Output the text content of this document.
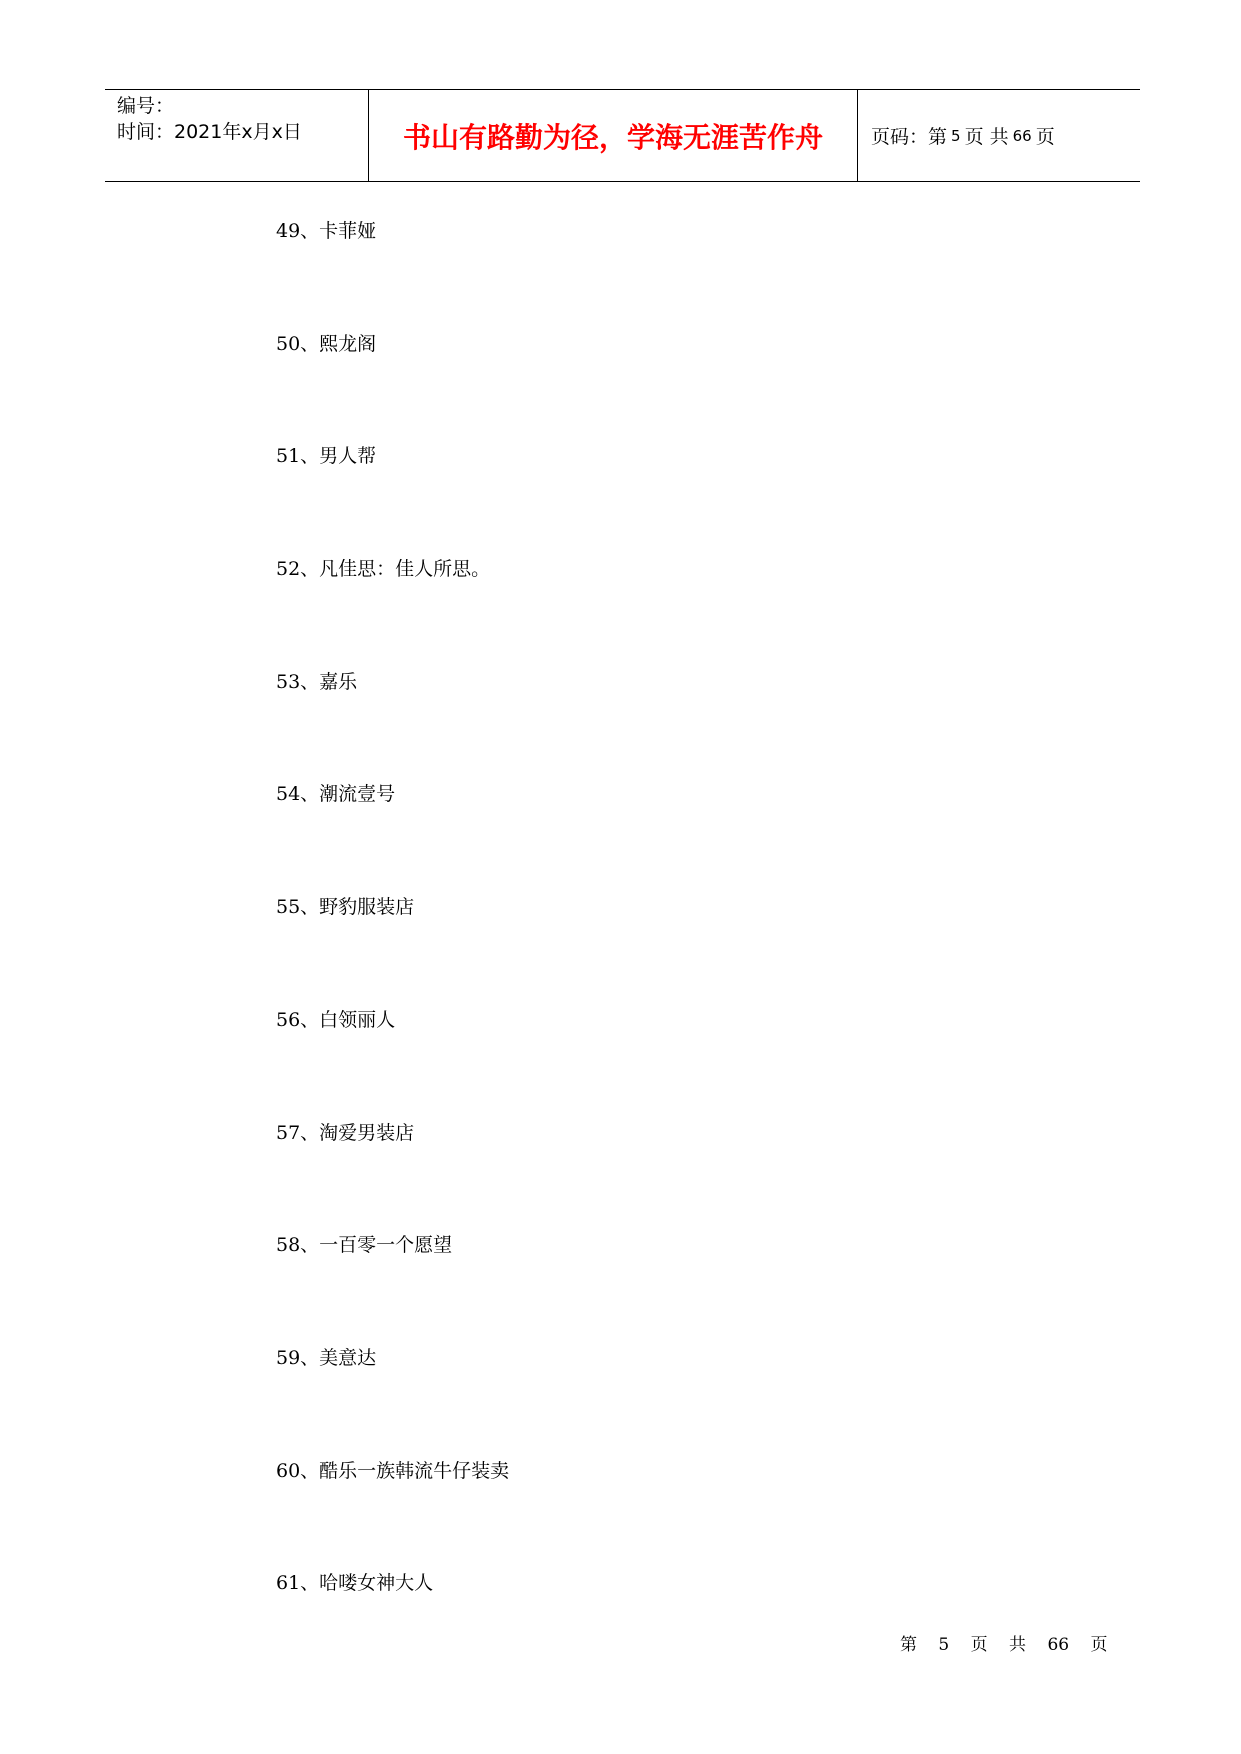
编号：
时间：2021年x月x日	书山有路勤为径，学海无涯苦作舟	页码：第 5 页 共 66 页
49、卡菲娅
50、熙龙阁
51、男人帮
52、凡佳思：佳人所思。
53、嘉乐
54、潮流壹号
55、野豹服装店
56、白领丽人
57、淘爱男装店
58、一百零一个愿望
59、美意达
60、酷乐一族韩流牛仔装卖
61、哈喽女神大人
第 5 页 共 66 页
